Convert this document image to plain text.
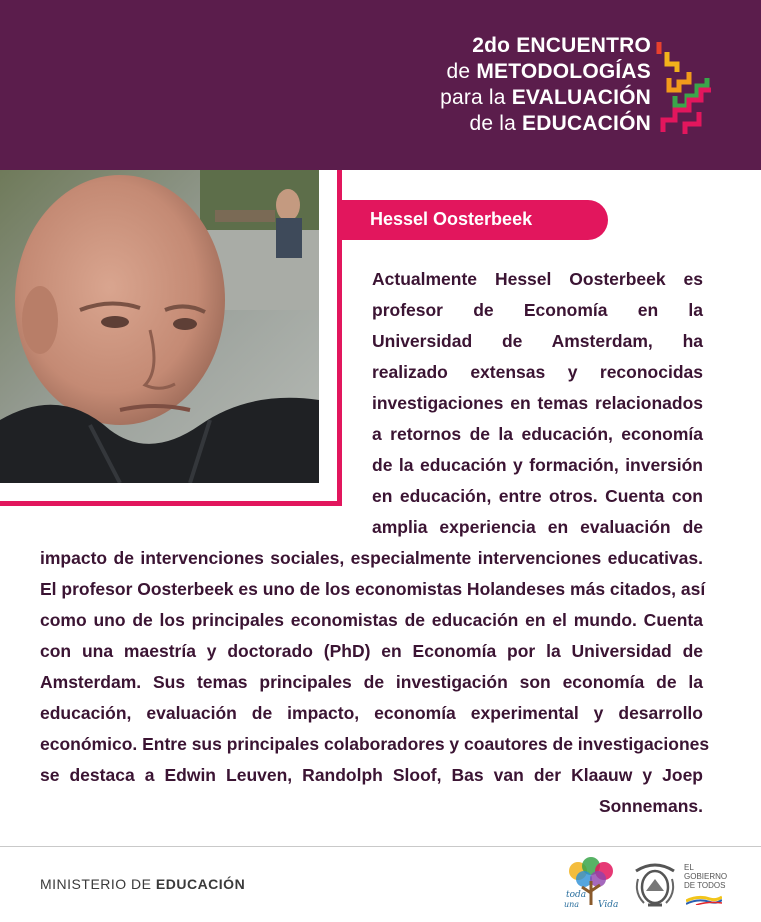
2do ENCUENTRO
de METODOLOGÍAS
para la EVALUACIÓN
de la EDUCACIÓN
Hessel Oosterbeek
Actualmente Hessel Oosterbeek es
profesor de Economía en la
Universidad de Amsterdam, ha
realizado extensas y reconocidas
investigaciones en temas relacionados
a retornos de la educación, economía
de la educación y formación, inversión
en educación, entre otros. Cuenta con
amplia experiencia en evaluación de
impacto de intervenciones sociales, especialmente intervenciones educativas.
El profesor Oosterbeek es uno de los economistas Holandeses más citados, así
como uno de los principales economistas de educación en el mundo. Cuenta
con una maestría y doctorado (PhD) en Economía por la Universidad de
Amsterdam. Sus temas principales de investigación son economía de la
educación, evaluación de impacto, economía experimental y desarrollo
económico. Entre sus principales colaboradores y coautores de investigaciones
se destaca a Edwin Leuven, Randolph Sloof, Bas van der Klaauw y Joep
Sonnemans.
MINISTERIO DE EDUCACIÓN
toda
una Vida
EL
GOBIERNO
DE TODOS
